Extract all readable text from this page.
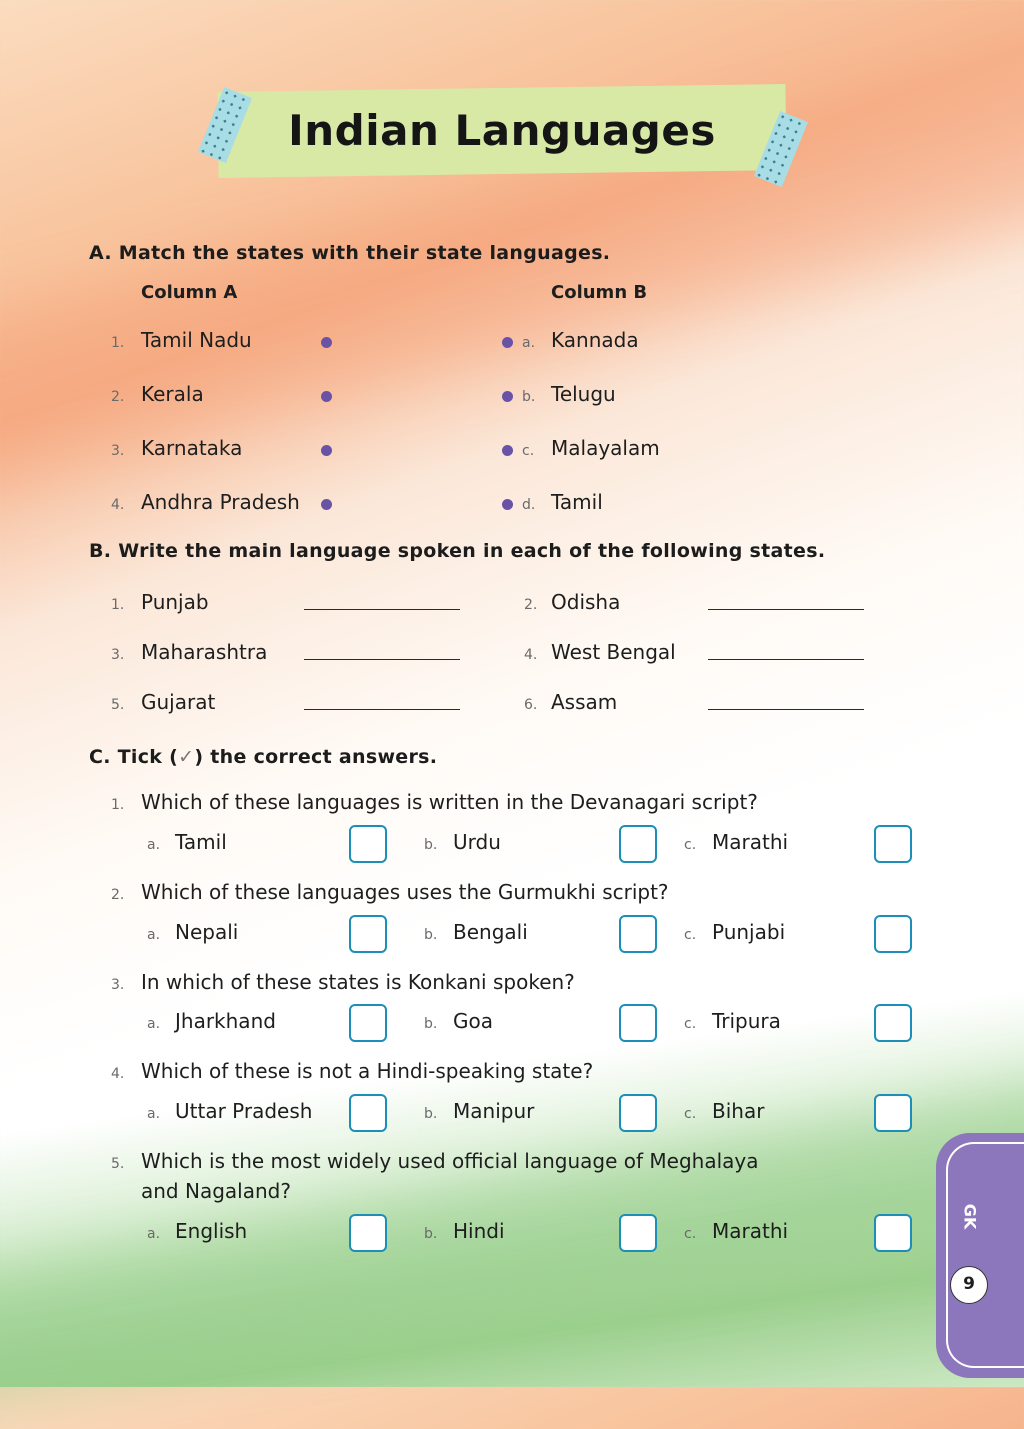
Indian Languages
A. Match the states with their state languages.
Column A	Column B
1. Tamil Nadu	a. Kannada
2. Kerala	b. Telugu
3. Karnataka	c. Malayalam
4. Andhra Pradesh	d. Tamil
B. Write the main language spoken in each of the following states.
1. Punjab	2. Odisha
3. Maharashtra	4. West Bengal
5. Gujarat	6. Assam
C. Tick (✓) the correct answers.
1. Which of these languages is written in the Devanagari script?
a. Tamil	b. Urdu	c. Marathi
2. Which of these languages uses the Gurmukhi script?
a. Nepali	b. Bengali	c. Punjabi
3. In which of these states is Konkani spoken?
a. Jharkhand	b. Goa	c. Tripura
4. Which of these is not a Hindi-speaking state?
a. Uttar Pradesh	b. Manipur	c. Bihar
5. Which is the most widely used official language of Meghalaya
and Nagaland?
a. English	b. Hindi	c. Marathi
GK
9
